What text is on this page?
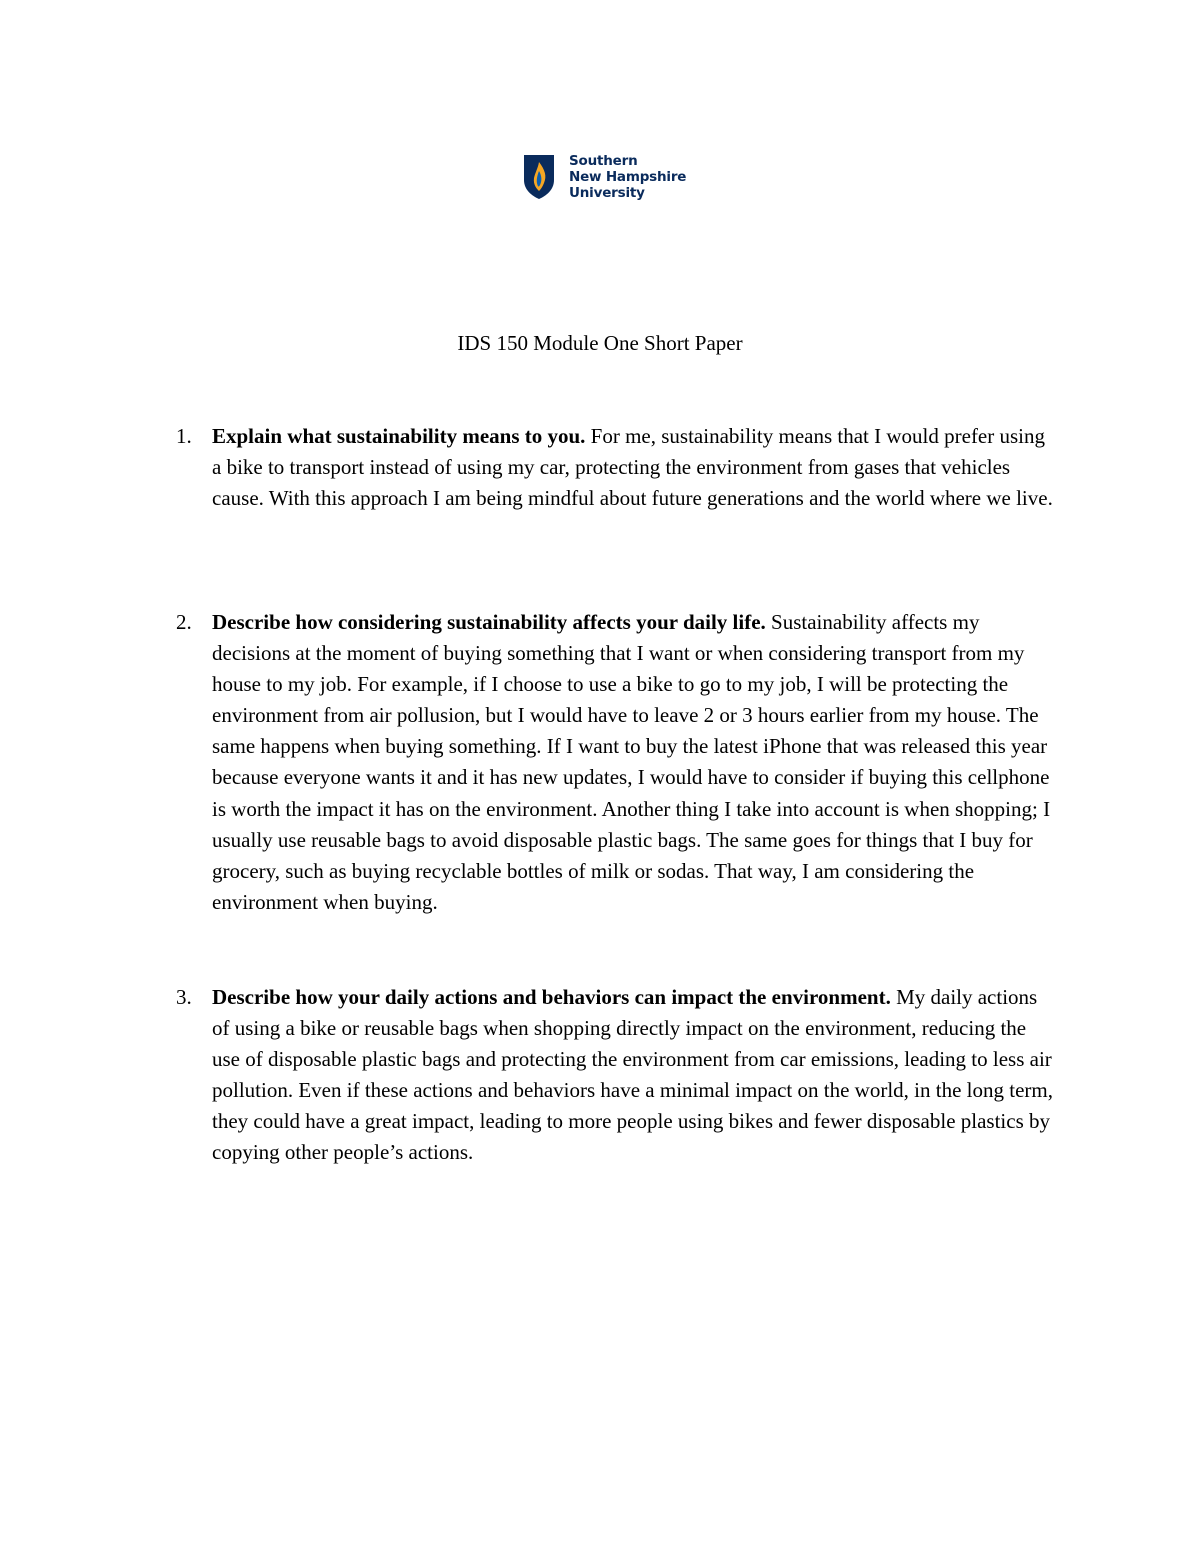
Southern
New Hampshire
University
IDS 150 Module One Short Paper
1. Explain what sustainability means to you. For me, sustainability means that I would prefer using a bike to transport instead of using my car, protecting the environment from gases that vehicles cause. With this approach I am being mindful about future generations and the world where we live.
2. Describe how considering sustainability affects your daily life. Sustainability affects my decisions at the moment of buying something that I want or when considering transport from my house to my job. For example, if I choose to use a bike to go to my job, I will be protecting the environment from air pollusion, but I would have to leave 2 or 3 hours earlier from my house. The same happens when buying something. If I want to buy the latest iPhone that was released this year because everyone wants it and it has new updates, I would have to consider if buying this cellphone is worth the impact it has on the environment. Another thing I take into account is when shopping; I usually use reusable bags to avoid disposable plastic bags. The same goes for things that I buy for grocery, such as buying recyclable bottles of milk or sodas. That way, I am considering the environment when buying.
3. Describe how your daily actions and behaviors can impact the environment. My daily actions of using a bike or reusable bags when shopping directly impact on the environment, reducing the use of disposable plastic bags and protecting the environment from car emissions, leading to less air pollution. Even if these actions and behaviors have a minimal impact on the world, in the long term, they could have a great impact, leading to more people using bikes and fewer disposable plastics by copying other people’s actions.
